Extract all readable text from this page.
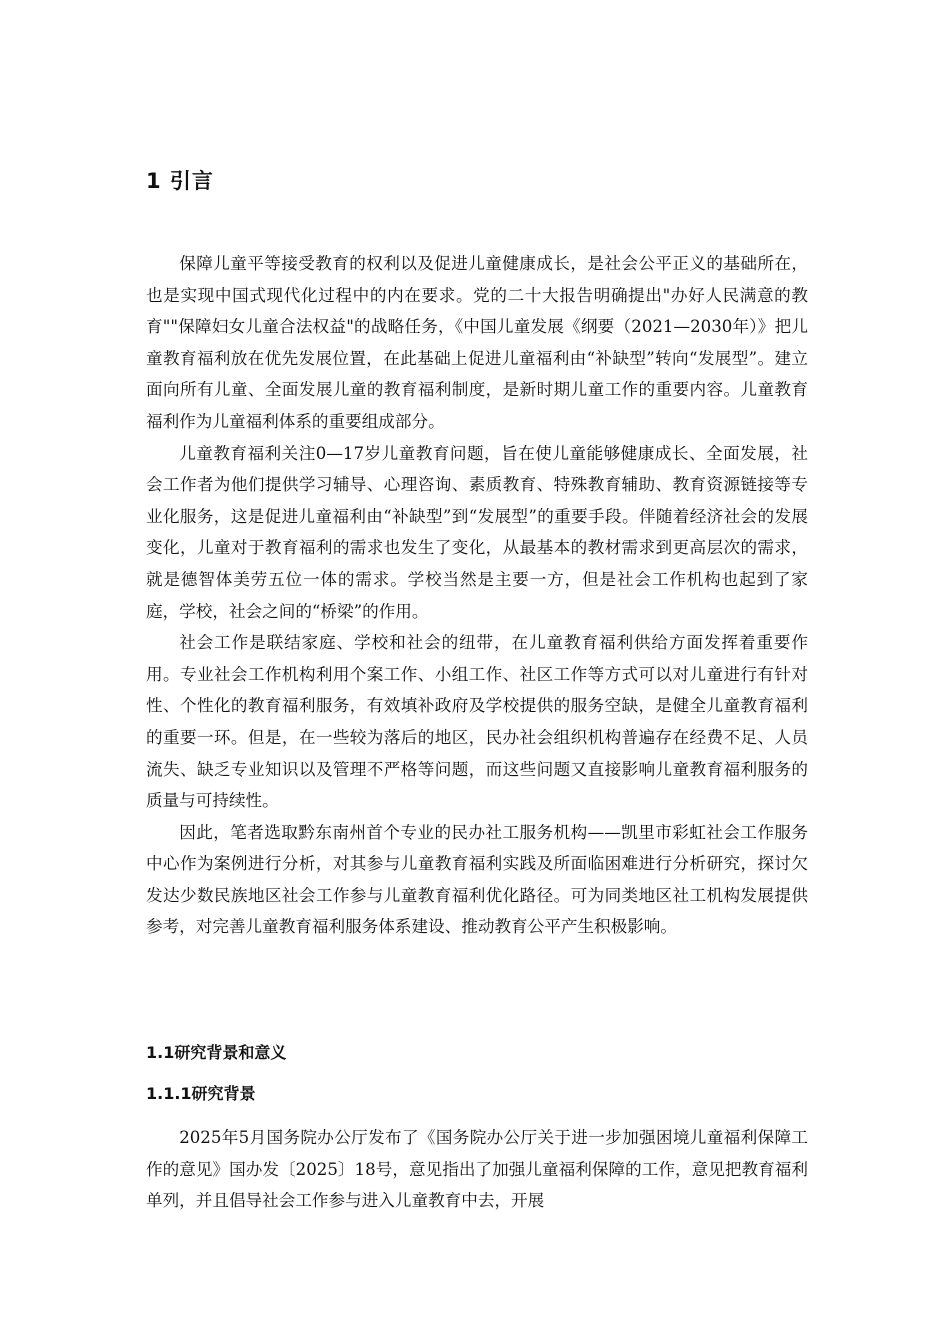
1 引言

保障儿童平等接受教育的权利以及促进儿童健康成长，是社会公平正义的基础所在，也是实现中国式现代化过程中的内在要求。党的二十大报告明确提出"办好人民满意的教育""保障妇女儿童合法权益"的战略任务，《中国儿童发展《纲要（2021—2030年）》把儿童教育福利放在优先发展位置，在此基础上促进儿童福利由“补缺型”转向“发展型”。建立面向所有儿童、全面发展儿童的教育福利制度，是新时期儿童工作的重要内容。儿童教育福利作为儿童福利体系的重要组成部分。

儿童教育福利关注0—17岁儿童教育问题，旨在使儿童能够健康成长、全面发展，社会工作者为他们提供学习辅导、心理咨询、素质教育、特殊教育辅助、教育资源链接等专业化服务，这是促进儿童福利由“补缺型”到“发展型”的重要手段。伴随着经济社会的发展变化，儿童对于教育福利的需求也发生了变化，从最基本的教材需求到更高层次的需求，就是德智体美劳五位一体的需求。学校当然是主要一方，但是社会工作机构也起到了家庭，学校，社会之间的“桥梁”的作用。

社会工作是联结家庭、学校和社会的纽带，在儿童教育福利供给方面发挥着重要作用。专业社会工作机构利用个案工作、小组工作、社区工作等方式可以对儿童进行有针对性、个性化的教育福利服务，有效填补政府及学校提供的服务空缺，是健全儿童教育福利的重要一环。但是，在一些较为落后的地区，民办社会组织机构普遍存在经费不足、人员流失、缺乏专业知识以及管理不严格等问题，而这些问题又直接影响儿童教育福利服务的质量与可持续性。

因此，笔者选取黔东南州首个专业的民办社工服务机构——凯里市彩虹社会工作服务中心作为案例进行分析，对其参与儿童教育福利实践及所面临困难进行分析研究，探讨欠发达少数民族地区社会工作参与儿童教育福利优化路径。可为同类地区社工机构发展提供参考，对完善儿童教育福利服务体系建设、推动教育公平产生积极影响。

1.1研究背景和意义
1.1.1研究背景

2025年5月国务院办公厅发布了《国务院办公厅关于进一步加强困境儿童福利保障工作的意见》国办发〔2025〕18号，意见指出了加强儿童福利保障的工作，意见把教育福利单列，并且倡导社会工作参与进入儿童教育中去，开展
